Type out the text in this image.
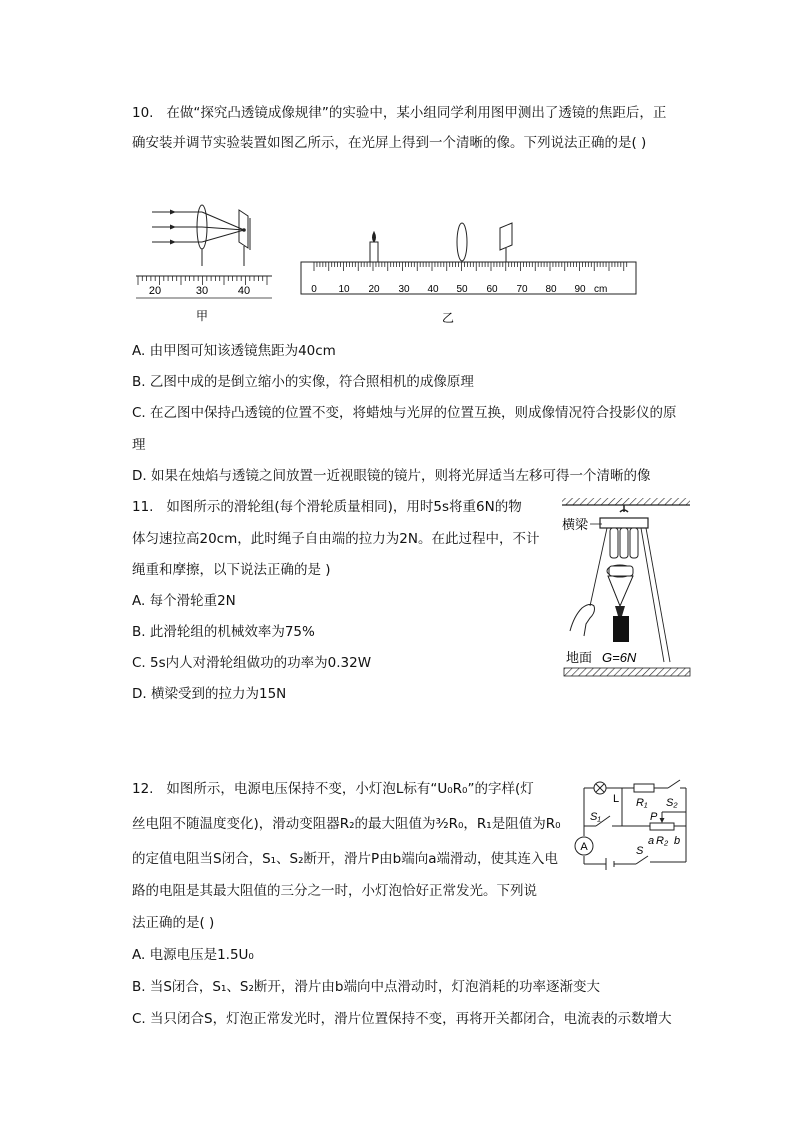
10. 在做“探究凸透镜成像规律”的实验中，某小组同学利用图甲测出了透镜的焦距后，正
确安装并调节实验装置如图乙所示，在光屏上得到一个清晰的像。下列说法正确的是( )
20	30	40
甲
0 10 20 30 40 50 60 70 80 90 cm
乙
A. 由甲图可知该透镜焦距为40cm
B. 乙图中成的是倒立缩小的实像，符合照相机的成像原理
C. 在乙图中保持凸透镜的位置不变，将蜡烛与光屏的位置互换，则成像情况符合投影仪的原
理
D. 如果在烛焰与透镜之间放置一近视眼镜的镜片，则将光屏适当左移可得一个清晰的像
11. 如图所示的滑轮组(每个滑轮质量相同)，用时5s将重6N的物
体匀速拉高20cm，此时绳子自由端的拉力为2N。在此过程中，不计
绳重和摩擦，以下说法正确的是 )
A. 每个滑轮重2N
B. 此滑轮组的机械效率为75%
C. 5s内人对滑轮组做功的功率为0.32W
D. 横梁受到的拉力为15N
横梁
地面 G=6N
12. 如图所示，电源电压保持不变，小灯泡L标有“U₀R₀”的字样(灯
丝电阻不随温度变化)，滑动变阻器R₂的最大阻值为³⁄₂R₀，R₁是阻值为R₀
的定值电阻当S闭合，S₁、S₂断开，滑片P由b端向a端滑动，使其连入电
路的电阻是其最大阻值的三分之一时，小灯泡恰好正常发光。下列说
法正确的是( )
A. 电源电压是1.5U₀
B. 当S闭合，S₁、S₂断开，滑片由b端向中点滑动时，灯泡消耗的功率逐渐变大
C. 当只闭合S，灯泡正常发光时，滑片位置保持不变，再将开关都闭合，电流表的示数增大
A
L R₁ S₂
S₁	P
a R₂ b
S
